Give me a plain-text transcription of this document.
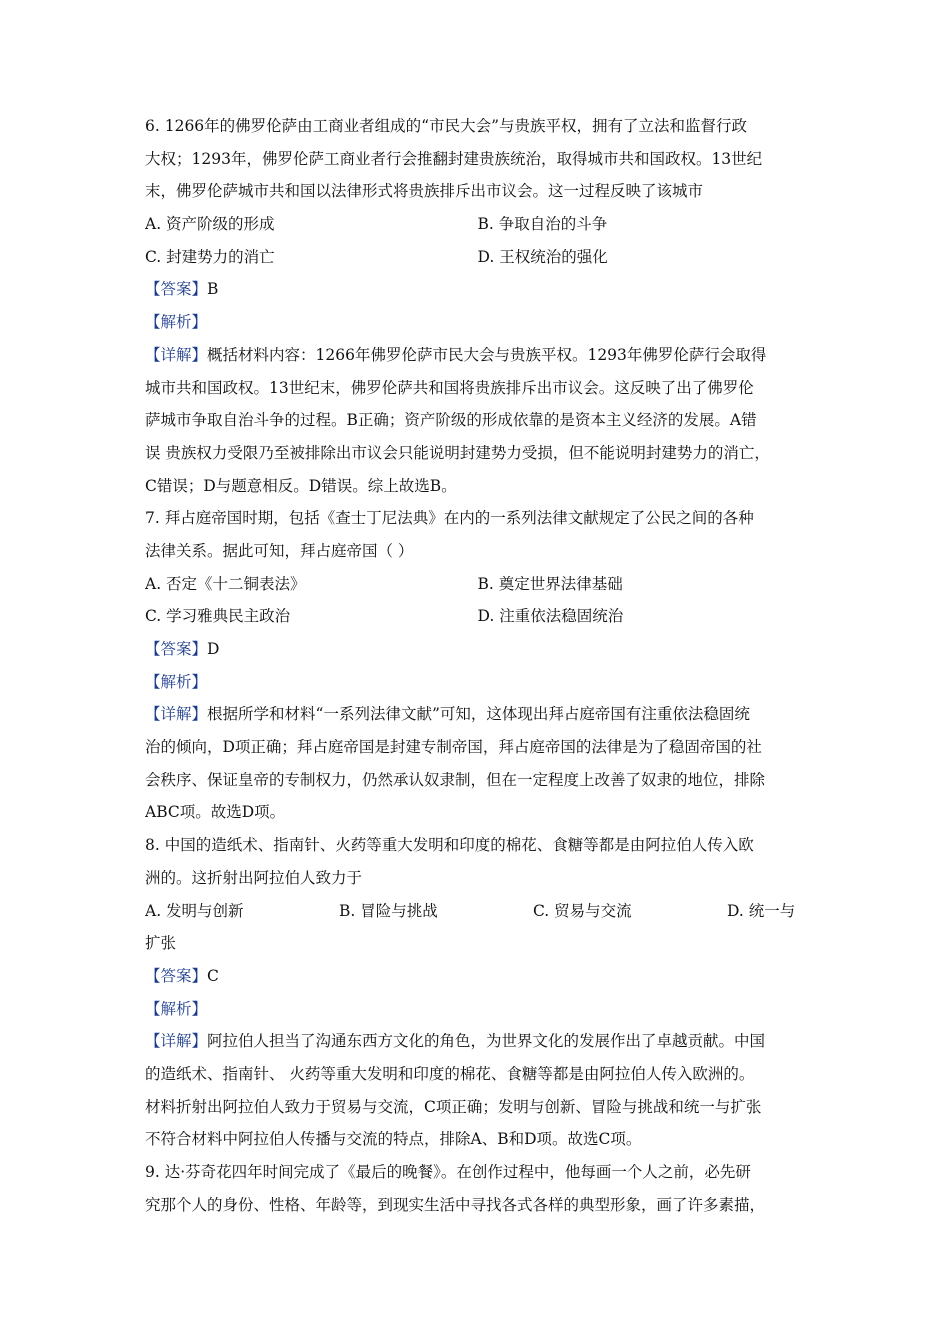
6. 1266年的佛罗伦萨由工商业者组成的“市民大会”与贵族平权，拥有了立法和监督行政
大权；1293年，佛罗伦萨工商业者行会推翻封建贵族统治，取得城市共和国政权。13世纪
末，佛罗伦萨城市共和国以法律形式将贵族排斥出市议会。这一过程反映了该城市
A. 资产阶级的形成	B. 争取自治的斗争
C. 封建势力的消亡	D. 王权统治的强化
【答案】B
【解析】
【详解】概括材料内容：1266年佛罗伦萨市民大会与贵族平权。1293年佛罗伦萨行会取得
城市共和国政权。13世纪末，佛罗伦萨共和国将贵族排斥出市议会。这反映了出了佛罗伦
萨城市争取自治斗争的过程。B正确；资产阶级的形成依靠的是资本主义经济的发展。A错
误 贵族权力受限乃至被排除出市议会只能说明封建势力受损，但不能说明封建势力的消亡，
C错误；D与题意相反。D错误。综上故选B。
7. 拜占庭帝国时期，包括《查士丁尼法典》在内的一系列法律文献规定了公民之间的各种
法律关系。据此可知，拜占庭帝国（ ）
A. 否定《十二铜表法》	B. 奠定世界法律基础
C. 学习雅典民主政治	D. 注重依法稳固统治
【答案】D
【解析】
【详解】根据所学和材料“一系列法律文献”可知，这体现出拜占庭帝国有注重依法稳固统
治的倾向，D项正确；拜占庭帝国是封建专制帝国，拜占庭帝国的法律是为了稳固帝国的社
会秩序、保证皇帝的专制权力，仍然承认奴隶制，但在一定程度上改善了奴隶的地位，排除
ABC项。故选D项。
8. 中国的造纸术、指南针、火药等重大发明和印度的棉花、食糖等都是由阿拉伯人传入欧
洲的。这折射出阿拉伯人致力于
A. 发明与创新	B. 冒险与挑战	C. 贸易与交流	D. 统一与
扩张
【答案】C
【解析】
【详解】阿拉伯人担当了沟通东西方文化的角色，为世界文化的发展作出了卓越贡献。中国
的造纸术、指南针、 火药等重大发明和印度的棉花、食糖等都是由阿拉伯人传入欧洲的。
材料折射出阿拉伯人致力于贸易与交流，C项正确；发明与创新、冒险与挑战和统一与扩张
不符合材料中阿拉伯人传播与交流的特点，排除A、B和D项。故选C项。
9. 达·芬奇花四年时间完成了《最后的晚餐》。在创作过程中，他每画一个人之前，必先研
究那个人的身份、性格、年龄等，到现实生活中寻找各式各样的典型形象，画了许多素描，
